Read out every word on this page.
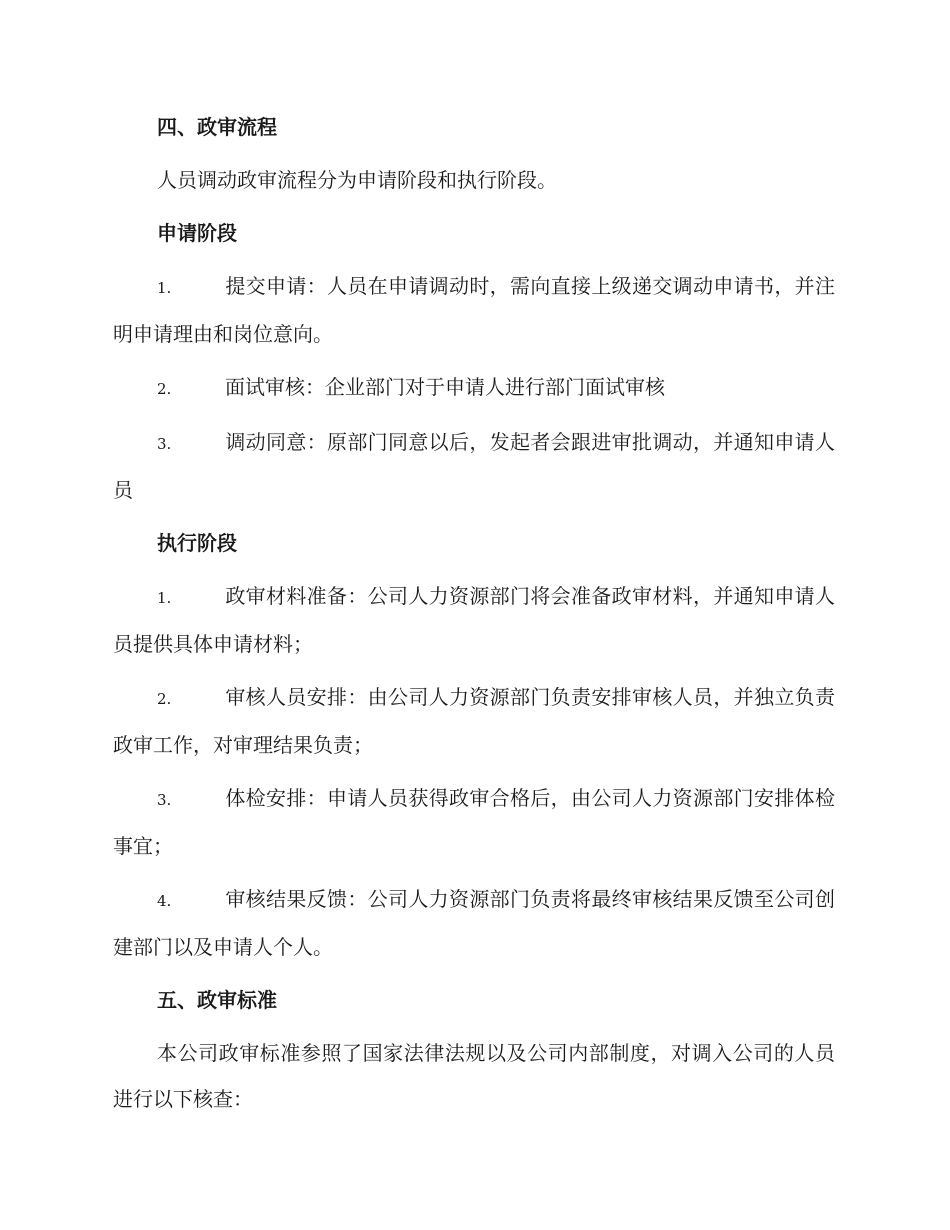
四、政审流程
人员调动政审流程分为申请阶段和执行阶段。
申请阶段
1.	提交申请：人员在申请调动时，需向直接上级递交调动申请书，并注明申请理由和岗位意向。
2.	面试审核：企业部门对于申请人进行部门面试审核
3.	调动同意：原部门同意以后，发起者会跟进审批调动，并通知申请人员
执行阶段
1.	政审材料准备：公司人力资源部门将会准备政审材料，并通知申请人员提供具体申请材料；
2.	审核人员安排：由公司人力资源部门负责安排审核人员，并独立负责政审工作，对审理结果负责；
3.	体检安排：申请人员获得政审合格后，由公司人力资源部门安排体检事宜；
4.	审核结果反馈：公司人力资源部门负责将最终审核结果反馈至公司创建部门以及申请人个人。
五、政审标准
本公司政审标准参照了国家法律法规以及公司内部制度，对调入公司的人员进行以下核查：
